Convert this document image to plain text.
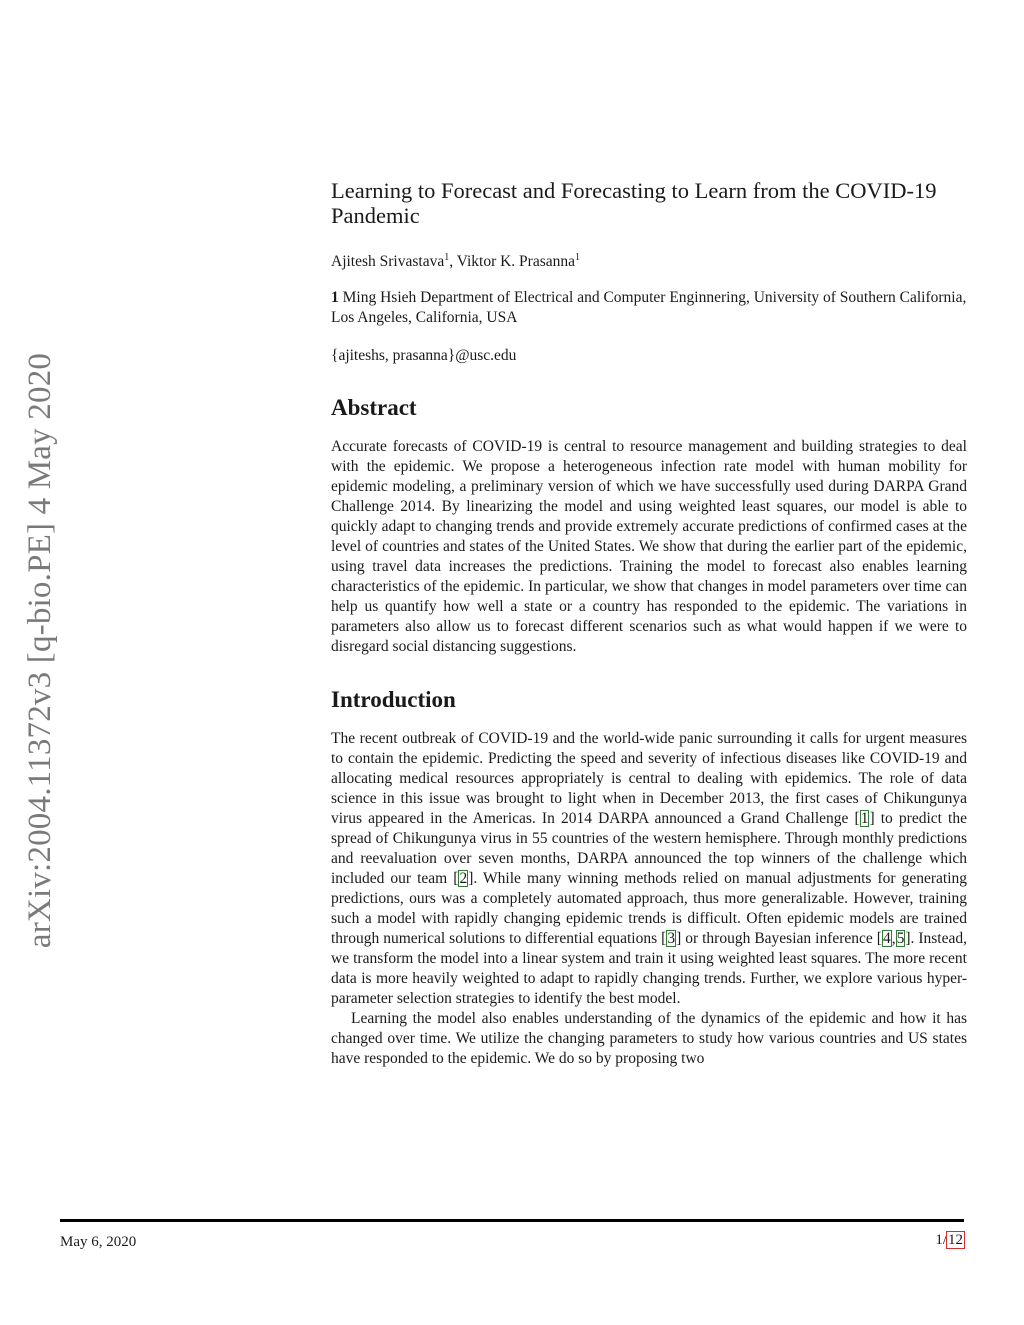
arXiv:2004.11372v3 [q-bio.PE] 4 May 2020
Learning to Forecast and Forecasting to Learn from the COVID-19 Pandemic
Ajitesh Srivastava$^1$, Viktor K. Prasanna$^1$
1 Ming Hsieh Department of Electrical and Computer Enginnering, University of Southern California, Los Angeles, California, USA
{ajiteshs, prasanna}@usc.edu
Abstract

Accurate forecasts of COVID-19 is central to resource management and building strategies to deal with the epidemic. We propose a heterogeneous infection rate model with human mobility for epidemic modeling, a preliminary version of which we have successfully used during DARPA Grand Challenge 2014. By linearizing the model and using weighted least squares, our model is able to quickly adapt to changing trends and provide extremely accurate predictions of confirmed cases at the level of countries and states of the United States. We show that during the earlier part of the epidemic, using travel data increases the predictions. Training the model to forecast also enables learning characteristics of the epidemic. In particular, we show that changes in model parameters over time can help us quantify how well a state or a country has responded to the epidemic. The variations in parameters also allow us to forecast different scenarios such as what would happen if we were to disregard social distancing suggestions.

Introduction

The recent outbreak of COVID-19 and the world-wide panic surrounding it calls for urgent measures to contain the epidemic. Predicting the speed and severity of infectious diseases like COVID-19 and allocating medical resources appropriately is central to dealing with epidemics. The role of data science in this issue was brought to light when in December 2013, the first cases of Chikungunya virus appeared in the Americas. In 2014 DARPA announced a Grand Challenge [1] to predict the spread of Chikungunya virus in 55 countries of the western hemisphere. Through monthly predictions and reevaluation over seven months, DARPA announced the top winners of the challenge which included our team [2]. While many winning methods relied on manual adjustments for generating predictions, ours was a completely automated approach, thus more generalizable. However, training such a model with rapidly changing epidemic trends is difficult. Often epidemic models are trained through numerical solutions to differential equations [3] or through Bayesian inference [4,5]. Instead, we transform the model into a linear system and train it using weighted least squares. The more recent data is more heavily weighted to adapt to rapidly changing trends. Further, we explore various hyper-parameter selection strategies to identify the best model.

Learning the model also enables understanding of the dynamics of the epidemic and how it has changed over time. We utilize the changing parameters to study how various countries and US states have responded to the epidemic. We do so by proposing two

May 6, 2020	1/12
